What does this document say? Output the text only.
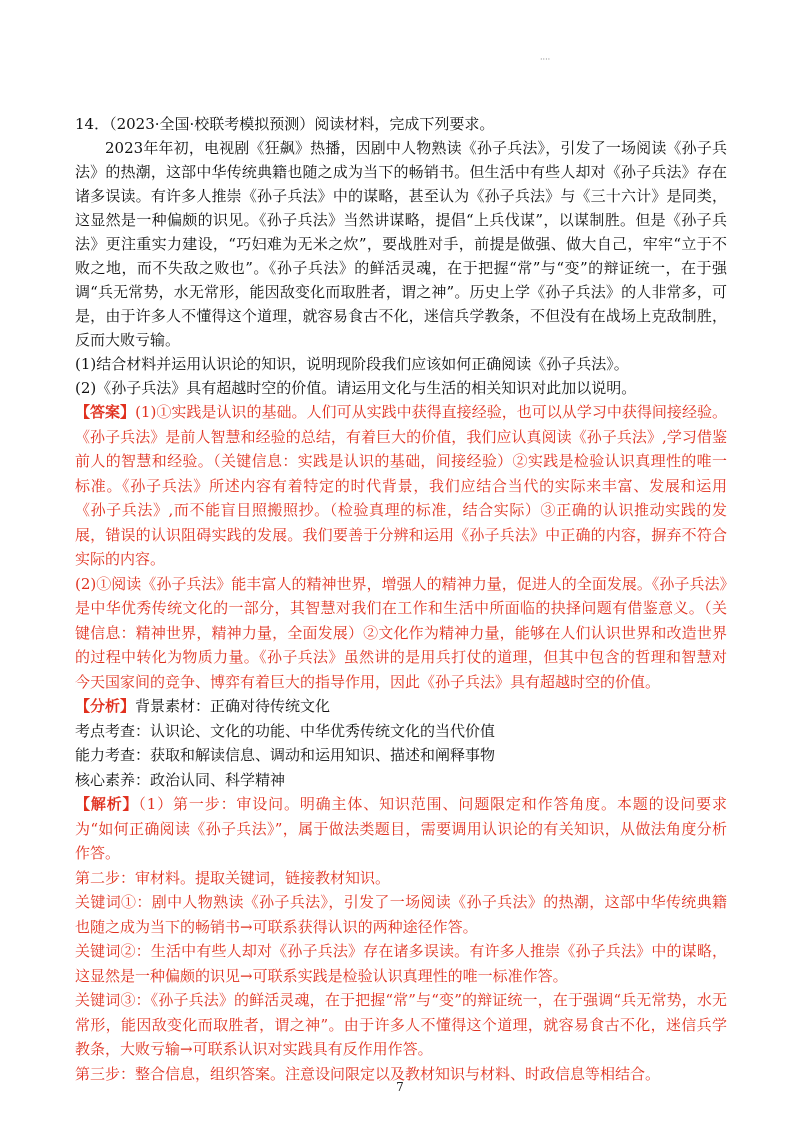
····

14．（2023·全国·校联考模拟预测）阅读材料，完成下列要求。

2023年年初，电视剧《狂飙》热播，因剧中人物熟读《孙子兵法》，引发了一场阅读《孙子兵法》的热潮，这部中华传统典籍也随之成为当下的畅销书。但生活中有些人却对《孙子兵法》存在诸多误读。有许多人推崇《孙子兵法》中的谋略，甚至认为《孙子兵法》与《三十六计》是同类，这显然是一种偏颇的识见。《孙子兵法》当然讲谋略，提倡“上兵伐谋”，以谋制胜。但是《孙子兵法》更注重实力建设，“巧妇难为无米之炊”，要战胜对手，前提是做强、做大自己，牢牢“立于不败之地，而不失敌之败也”。《孙子兵法》的鲜活灵魂，在于把握“常”与“变”的辩证统一，在于强调“兵无常势，水无常形，能因敌变化而取胜者，谓之神”。历史上学《孙子兵法》的人非常多，可是，由于许多人不懂得这个道理，就容易食古不化，迷信兵学教条，不但没有在战场上克敌制胜，反而大败亏输。

(1)结合材料并运用认识论的知识，说明现阶段我们应该如何正确阅读《孙子兵法》。

(2)《孙子兵法》具有超越时空的价值。请运用文化与生活的相关知识对此加以说明。

【答案】(1)①实践是认识的基础。人们可从实践中获得直接经验，也可以从学习中获得间接经验。《孙子兵法》是前人智慧和经验的总结，有着巨大的价值，我们应认真阅读《孙子兵法》,学习借鉴前人的智慧和经验。（关键信息：实践是认识的基础，间接经验）②实践是检验认识真理性的唯一标准。《孙子兵法》所述内容有着特定的时代背景，我们应结合当代的实际来丰富、发展和运用《孙子兵法》,而不能盲目照搬照抄。（检验真理的标准，结合实际）③正确的认识推动实践的发展，错误的认识阻碍实践的发展。我们要善于分辨和运用《孙子兵法》中正确的内容，摒弃不符合实际的内容。

(2)①阅读《孙子兵法》能丰富人的精神世界，增强人的精神力量，促进人的全面发展。《孙子兵法》是中华优秀传统文化的一部分，其智慧对我们在工作和生活中所面临的抉择问题有借鉴意义。（关键信息：精神世界，精神力量，全面发展）②文化作为精神力量，能够在人们认识世界和改造世界的过程中转化为物质力量。《孙子兵法》虽然讲的是用兵打仗的道理，但其中包含的哲理和智慧对今天国家间的竞争、博弈有着巨大的指导作用，因此《孙子兵法》具有超越时空的价值。

【分析】背景素材：正确对待传统文化

考点考查：认识论、文化的功能、中华优秀传统文化的当代价值

能力考查：获取和解读信息、调动和运用知识、描述和阐释事物

核心素养：政治认同、科学精神

【解析】（1）第一步：审设问。明确主体、知识范围、问题限定和作答角度。本题的设问要求为“如何正确阅读《孙子兵法》”，属于做法类题目，需要调用认识论的有关知识，从做法角度分析作答。

第二步：审材料。提取关键词，链接教材知识。

关键词①：剧中人物熟读《孙子兵法》，引发了一场阅读《孙子兵法》的热潮，这部中华传统典籍也随之成为当下的畅销书→可联系获得认识的两种途径作答。

关键词②：生活中有些人却对《孙子兵法》存在诸多误读。有许多人推崇《孙子兵法》中的谋略，这显然是一种偏颇的识见→可联系实践是检验认识真理性的唯一标准作答。

关键词③：《孙子兵法》的鲜活灵魂，在于把握“常”与“变”的辩证统一，在于强调“兵无常势，水无常形，能因敌变化而取胜者，谓之神”。由于许多人不懂得这个道理，就容易食古不化，迷信兵学教条，大败亏输→可联系认识对实践具有反作用作答。

第三步：整合信息，组织答案。注意设问限定以及教材知识与材料、时政信息等相结合。

7
